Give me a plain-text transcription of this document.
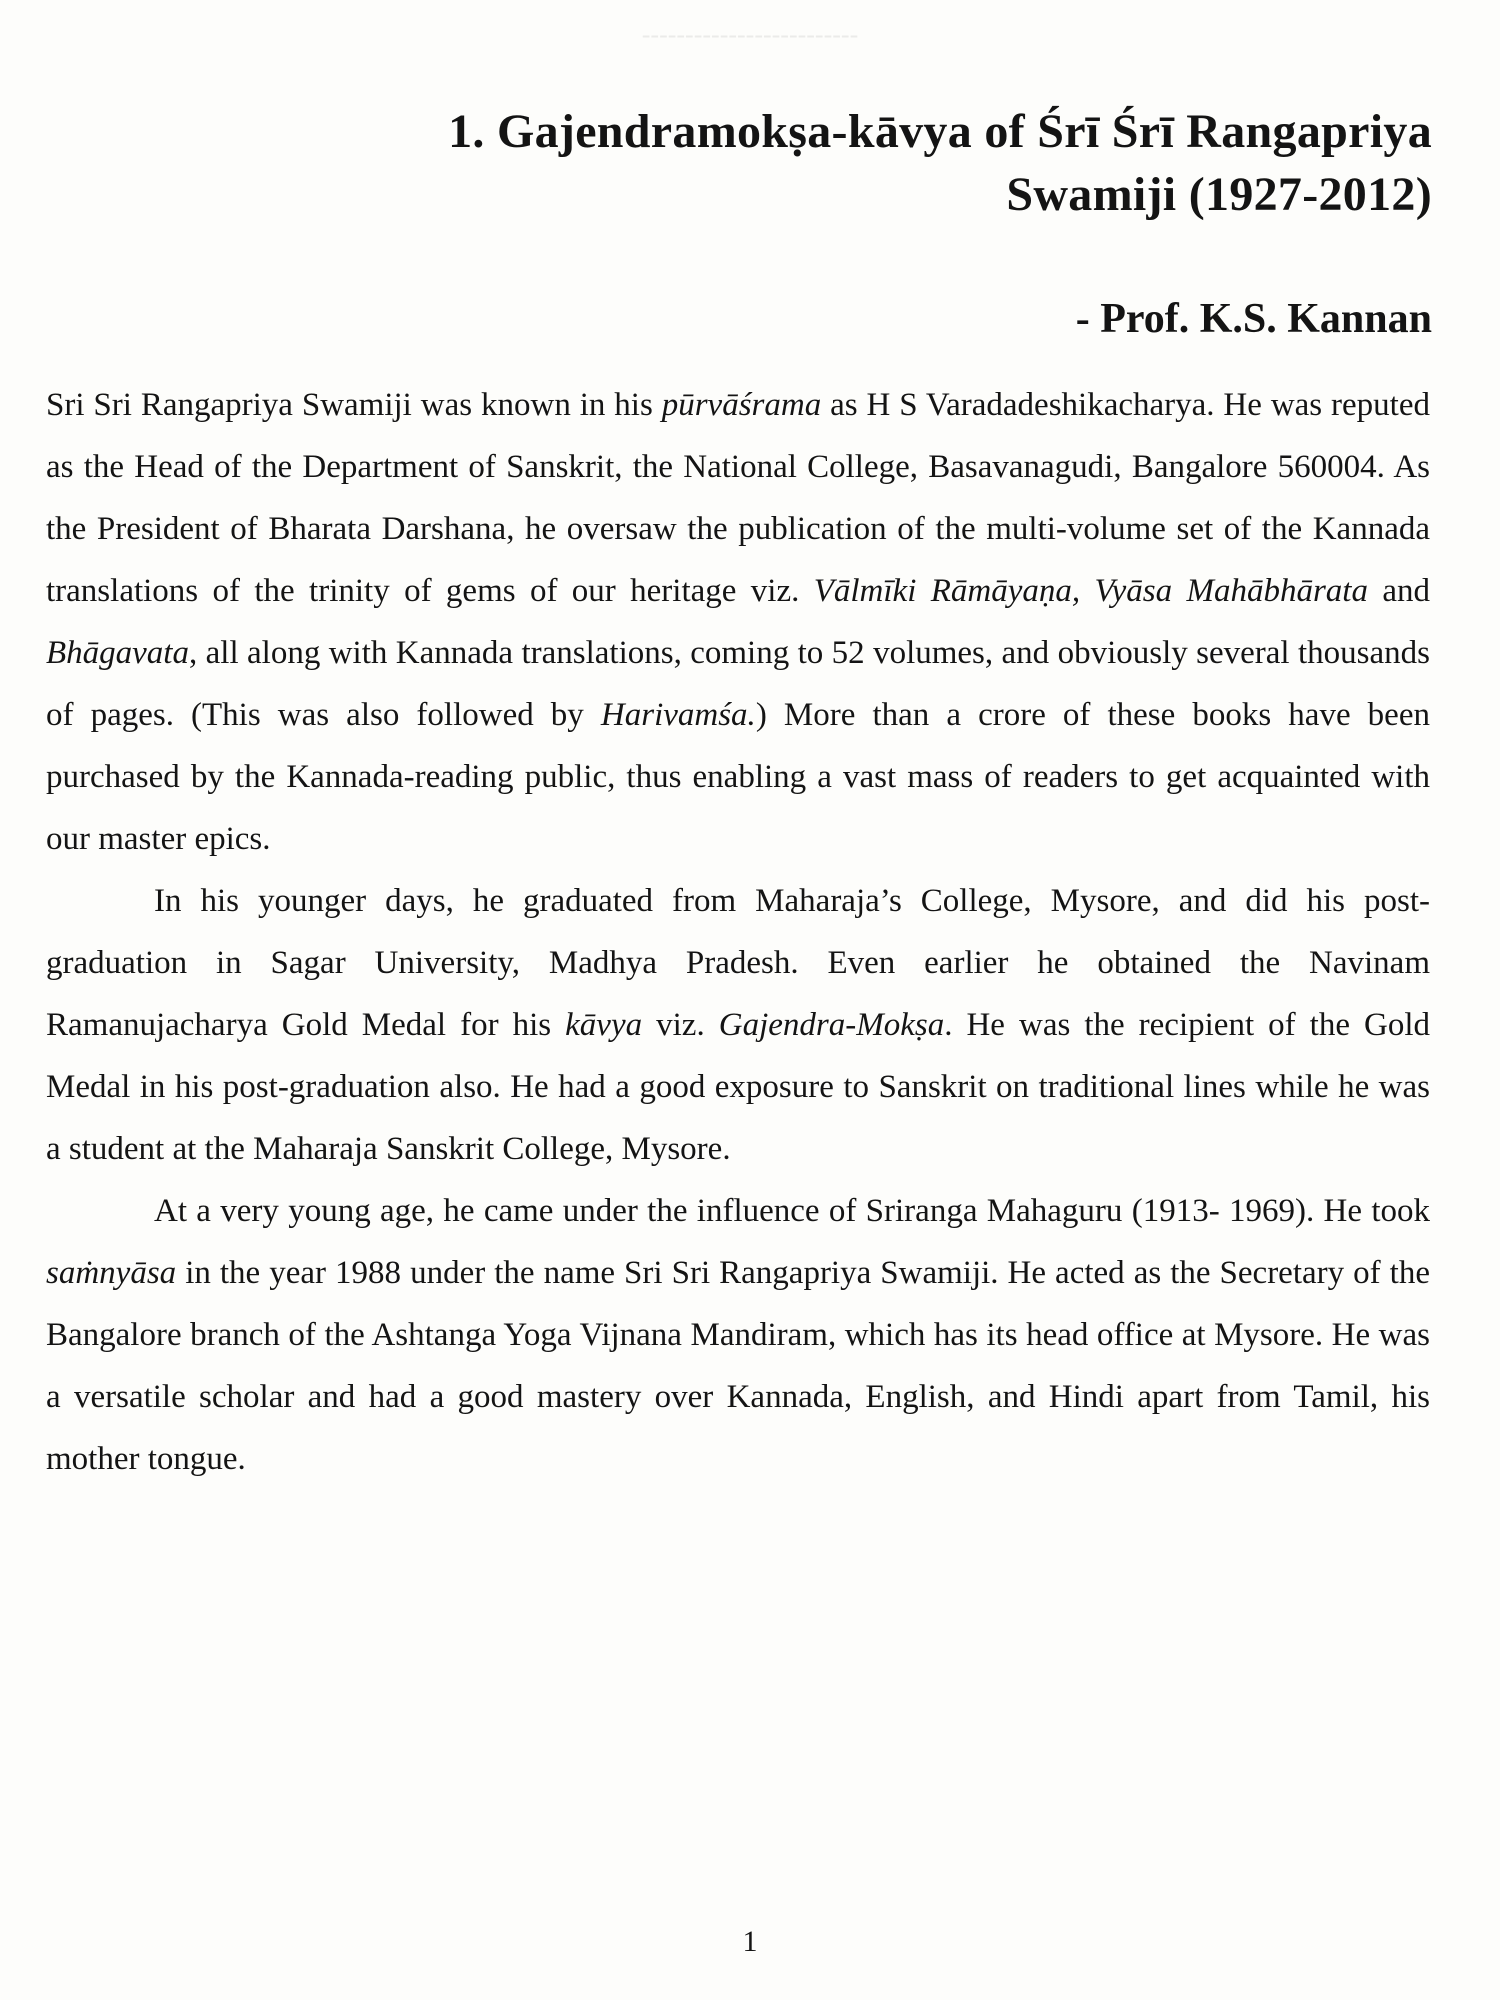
‐‐‐‐‐‐‐‐‐‐‐‐‐‐‐‐‐‐‐‐‐‐‐‐‐
1. Gajendramokṣa-kāvya of Śrī Śrī Rangapriya
Swamiji (1927-2012)
- Prof. K.S. Kannan

Sri Sri Rangapriya Swamiji was known in his pūrvāśrama as H S Varadadeshikacharya. He was reputed as the Head of the Department of Sanskrit, the National College, Basavanagudi, Bangalore 560004. As the President of Bharata Darshana, he oversaw the publication of the multi-volume set of the Kannada translations of the trinity of gems of our heritage viz. Vālmīki Rāmāyaṇa, Vyāsa Mahābhārata and Bhāgavata, all along with Kannada translations, coming to 52 volumes, and obviously several thousands of pages. (This was also followed by Harivamśa.) More than a crore of these books have been purchased by the Kannada-reading public, thus enabling a vast mass of readers to get acquainted with our master epics.

In his younger days, he graduated from Maharaja’s College, Mysore, and did his post-graduation in Sagar University, Madhya Pradesh. Even earlier he obtained the Navinam Ramanujacharya Gold Medal for his kāvya viz. Gajendra-Mokṣa. He was the recipient of the Gold Medal in his post-graduation also. He had a good exposure to Sanskrit on traditional lines while he was a student at the Maharaja Sanskrit College, Mysore.

At a very young age, he came under the influence of Sriranga Mahaguru (1913- 1969). He took saṁnyāsa in the year 1988 under the name Sri Sri Rangapriya Swamiji. He acted as the Secretary of the Bangalore branch of the Ashtanga Yoga Vijnana Mandiram, which has its head office at Mysore. He was a versatile scholar and had a good mastery over Kannada, English, and Hindi apart from Tamil, his mother tongue.

1
